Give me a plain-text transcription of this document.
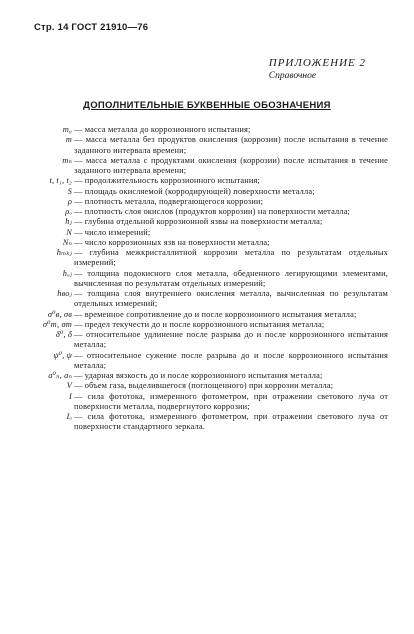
Стр. 14 ГОСТ 21910—76
ПРИЛОЖЕНИЕ 2
Справочное
ДОПОЛНИТЕЛЬНЫЕ БУКВЕННЫЕ ОБОЗНАЧЕНИЯ
m₀ — масса металла до коррозионного испытания;
m — масса металла без продуктов окисления (коррозии) после испытания в течение заданного интервала времени;
mₙ — масса металла с продуктами окисления (коррозии) после испытания в течение заданного интервала времени;
t, t₁, t₂ — продолжительность коррозионного испытания;
S — площадь окисляемой (корродирующей) поверхности металла;
ρ — плотность металла, подвергающегося коррозии;
ρₒ — плотность слоя окислов (продуктов коррозии) на поверхности металла;
hⱼ — глубина отдельной коррозионной язвы на поверхности металла;
N — число измерений;
Nₙ — число коррозионных язв на поверхности металла;
hₘₖⱼ — глубина межкристаллитной коррозии металла по результатам отдельных измерений;
hₒⱼ — толщина подокисного слоя металла, обедненного легирующими элементами, вычисленная по результатам отдельных измерений;
hвоⱼ — толщина слоя внутреннего окисления металла, вычисленная по результатам отдельных измерений;
σ⁰в, σв — временное сопротивление до и после коррозионного испытания металла;
σ⁰т, σт — предел текучести до и после коррозионного испытания металла;
δ⁰, δ — относительное удлинение после разрыва до и после коррозионного испытания металла;
ψ⁰, ψ — относительное сужение после разрыва до и после коррозионного испытания металла;
a⁰ₙ, aₙ — ударная вязкость до и после коррозионного испытания металла;
V — объем газа, выделившегося (поглощенного) при коррозии металла;
I — сила фототока, измеренного фотометром, при отражении светового луча от поверхности металла, подвергнутого коррозии;
Iₒ — сила фототока, измеренного фотометром, при отражении светового луча от поверхности стандартного зеркала.
